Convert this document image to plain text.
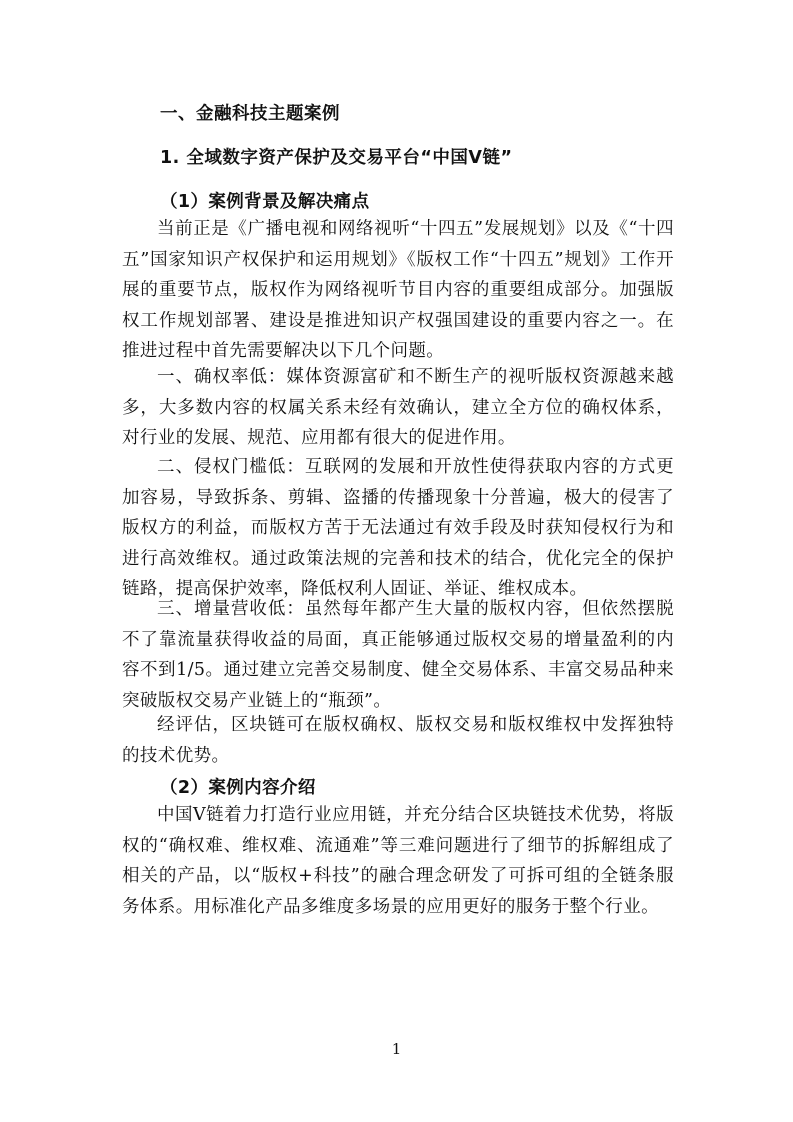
一、金融科技主题案例
1. 全域数字资产保护及交易平台“中国V链”
（1）案例背景及解决痛点
当前正是《广播电视和网络视听“十四五”发展规划》以及《“十四五”国家知识产权保护和运用规划》《版权工作“十四五”规划》工作开展的重要节点，版权作为网络视听节目内容的重要组成部分。加强版权工作规划部署、建设是推进知识产权强国建设的重要内容之一。在推进过程中首先需要解决以下几个问题。
一、确权率低：媒体资源富矿和不断生产的视听版权资源越来越多，大多数内容的权属关系未经有效确认，建立全方位的确权体系，对行业的发展、规范、应用都有很大的促进作用。
二、侵权门槛低：互联网的发展和开放性使得获取内容的方式更加容易，导致拆条、剪辑、盗播的传播现象十分普遍，极大的侵害了版权方的利益，而版权方苦于无法通过有效手段及时获知侵权行为和进行高效维权。通过政策法规的完善和技术的结合，优化完全的保护链路，提高保护效率，降低权利人固证、举证、维权成本。
三、增量营收低：虽然每年都产生大量的版权内容，但依然摆脱不了靠流量获得收益的局面，真正能够通过版权交易的增量盈利的内容不到1/5。通过建立完善交易制度、健全交易体系、丰富交易品种来突破版权交易产业链上的“瓶颈”。
经评估，区块链可在版权确权、版权交易和版权维权中发挥独特的技术优势。
（2）案例内容介绍
中国V链着力打造行业应用链，并充分结合区块链技术优势，将版权的“确权难、维权难、流通难”等三难问题进行了细节的拆解组成了相关的产品，以“版权+科技”的融合理念研发了可拆可组的全链条服务体系。用标准化产品多维度多场景的应用更好的服务于整个行业。
1
